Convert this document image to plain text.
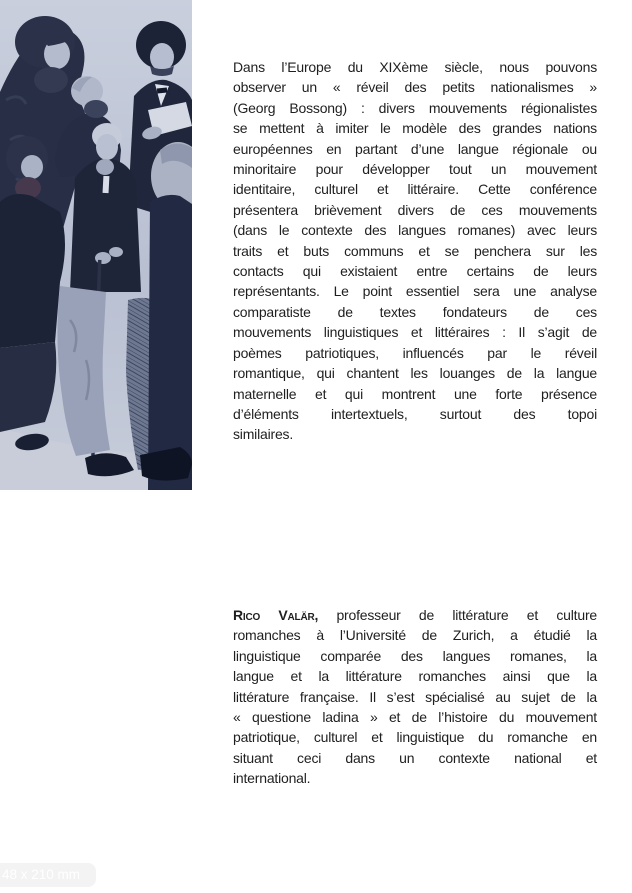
Dans l’Europe du XIXème siècle, nous pouvons
observer un « réveil des petits nationalismes »
(Georg Bossong) : divers mouvements régionalistes
se mettent à imiter le modèle des grandes nations
européennes en partant d’une langue régionale ou
minoritaire pour développer tout un mouvement
identitaire, culturel et littéraire. Cette conférence
présentera brièvement divers de ces mouvements
(dans le contexte des langues romanes) avec leurs
traits et buts communs et se penchera sur les
contacts qui existaient entre certains de leurs
représentants. Le point essentiel sera une analyse
comparatiste de textes fondateurs de ces
mouvements linguistiques et littéraires : Il s’agit de
poèmes patriotiques, influencés par le réveil
romantique, qui chantent les louanges de la langue
maternelle et qui montrent une forte présence
d’éléments intertextuels, surtout des topoi
similaires.
Rico Valär, professeur de littérature et culture
romanches à l’Université de Zurich, a étudié la
linguistique comparée des langues romanes, la
langue et la littérature romanches ainsi que la
littérature française. Il s’est spécialisé au sujet de la
« questione ladina » et de l’histoire du mouvement
patriotique, culturel et linguistique du romanche en
situant ceci dans un contexte national et
international.
48 x 210 mm
